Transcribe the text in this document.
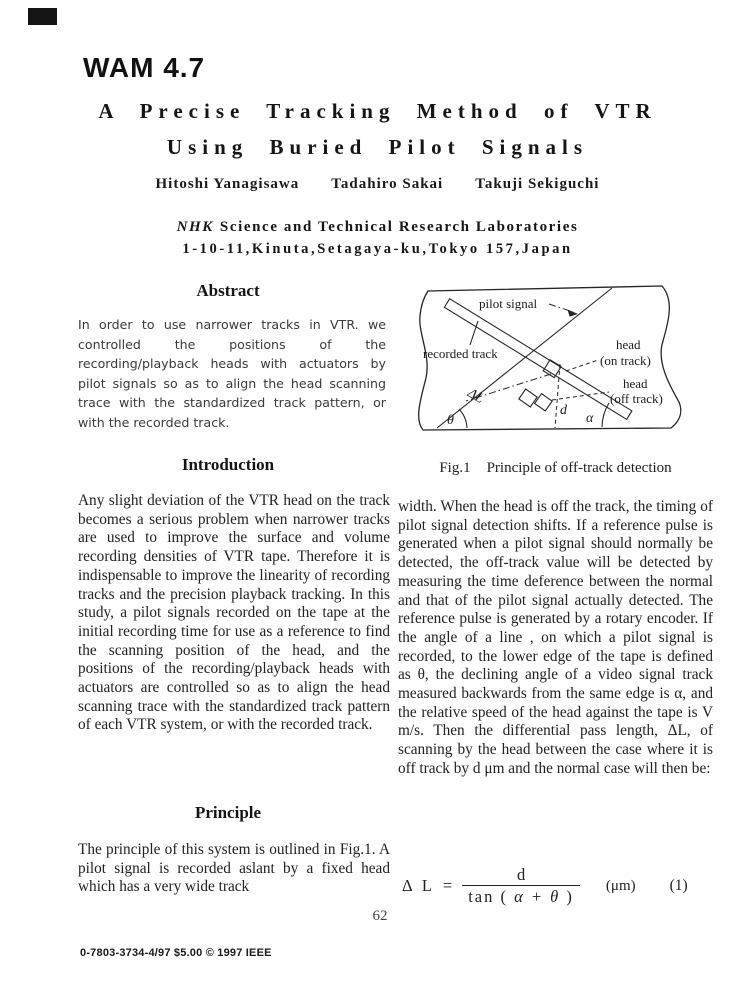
WAM 4.7
A Precise Tracking Method of VTR
Using Buried Pilot Signals
Hitoshi Yanagisawa Tadahiro Sakai Takuji Sekiguchi
NHK Science and Technical Research Laboratories
1-10-11,Kinuta,Setagaya-ku,Tokyo 157,Japan
Abstract
In order to use narrower tracks in VTR. we controlled the positions of the recording/playback heads with actuators by pilot signals so as to align the head scanning trace with the standardized track pattern, or with the recorded track.
Introduction
Any slight deviation of the VTR head on the track becomes a serious problem when narrower tracks are used to improve the surface and volume recording densities of VTR tape. Therefore it is indispensable to improve the linearity of recording tracks and the precision playback tracking. In this study, a pilot signals recorded on the tape at the initial recording time for use as a reference to find the scanning position of the head, and the positions of the recording/playback heads with actuators are controlled so as to align the head scanning trace with the standardized track pattern of each VTR system, or with the recorded track.
Principle
The principle of this system is outlined in Fig.1. A pilot signal is recorded aslant by a fixed head which has a very wide track
pilot signal
recorded track
head
(on track)
head
(off track)
ΔL
θ
d
α
Fig.1 Principle of off-track detection
width. When the head is off the track, the timing of pilot signal detection shifts. If a reference pulse is generated when a pilot signal should normally be detected, the off-track value will be detected by measuring the time deference between the normal and that of the pilot signal actually detected. The reference pulse is generated by a rotary encoder. If the angle of a line , on which a pilot signal is recorded, to the lower edge of the tape is defined as θ, the declining angle of a video signal track measured backwards from the same edge is α, and the relative speed of the head against the tape is V m/s. Then the differential pass length, ΔL, of scanning by the head between the case where it is off track by d μm and the normal case will then be:
Δ $L = \frac{d}{\tan ( \alpha + \theta )} (\mu m)$ (1)
62
0-7803-3734-4/97 $5.00 © 1997 IEEE
